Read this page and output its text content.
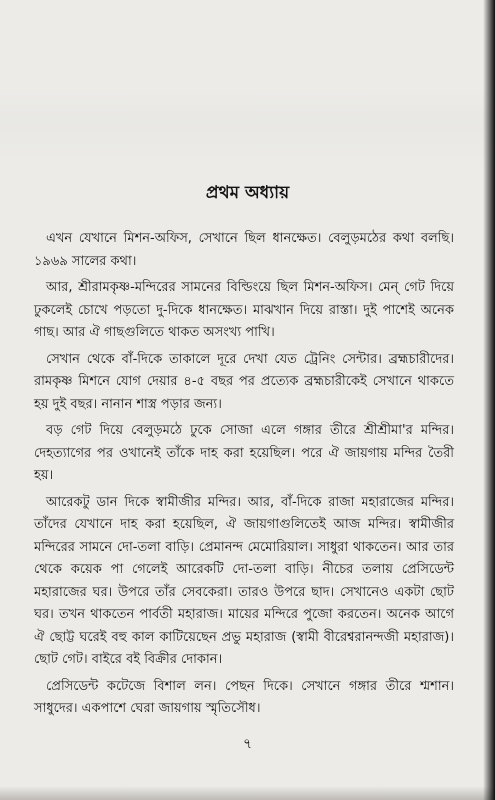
প্রথম অধ্যায়

এখন যেখানে মিশন-অফিস, সেখানে ছিল ধানক্ষেত। বেলুড়মঠের কথা বলছি। ১৯৬৯ সালের কথা।

আর, শ্রীরামকৃষ্ণ-মন্দিরের সামনের বিল্ডিংয়ে ছিল মিশন-অফিস। মেন্ গেট দিয়ে ঢুকলেই চোখে পড়তো দু-দিকে ধানক্ষেত। মাঝখান দিয়ে রাস্তা। দুই পাশেই অনেক গাছ। আর ঐ গাছগুলিতে থাকত অসংখ্য পাখি।

সেখান থেকে বাঁ-দিকে তাকালে দূরে দেখা যেত ট্রেনিং সেন্টার। ব্রহ্মচারীদের। রামকৃষ্ণ মিশনে যোগ দেয়ার ৪-৫ বছর পর প্রত্যেক ব্রহ্মচারীকেই সেখানে থাকতে হয় দুই বছর। নানান শাস্ত্র পড়ার জন্য।

বড় গেট দিয়ে বেলুড়মঠে ঢুকে সোজা এলে গঙ্গার তীরে শ্রীশ্রীমা'র মন্দির। দেহত্যাগের পর ওখানেই তাঁকে দাহ করা হয়েছিল। পরে ঐ জায়গায় মন্দির তৈরী হয়।

আরেকটু ডান দিকে স্বামীজীর মন্দির। আর, বাঁ-দিকে রাজা মহারাজের মন্দির। তাঁদের যেখানে দাহ করা হয়েছিল, ঐ জায়গাগুলিতেই আজ মন্দির। স্বামীজীর মন্দিরের সামনে দো-তলা বাড়ি। প্রেমানন্দ মেমোরিয়াল। সাধুরা থাকতেন। আর তার থেকে কয়েক পা গেলেই আরেকটি দো-তলা বাড়ি। নীচের তলায় প্রেসিডেন্ট মহারাজের ঘর। উপরে তাঁর সেবকেরা। তারও উপরে ছাদ। সেখানেও একটা ছোট ঘর। তখন থাকতেন পার্বতী মহারাজ। মায়ের মন্দিরে পুজো করতেন। অনেক আগে ঐ ছোট্ট ঘরেই বহু কাল কাটিয়েছেন প্রভু মহারাজ (স্বামী বীরেশ্বরানন্দজী মহারাজ)। ছোট গেট। বাইরে বই বিক্রীর দোকান।

প্রেসিডেন্ট কটেজে বিশাল লন। পেছন দিকে। সেখানে গঙ্গার তীরে শ্মশান। সাধুদের। একপাশে ঘেরা জায়গায় স্মৃতিসৌধ।

৭
